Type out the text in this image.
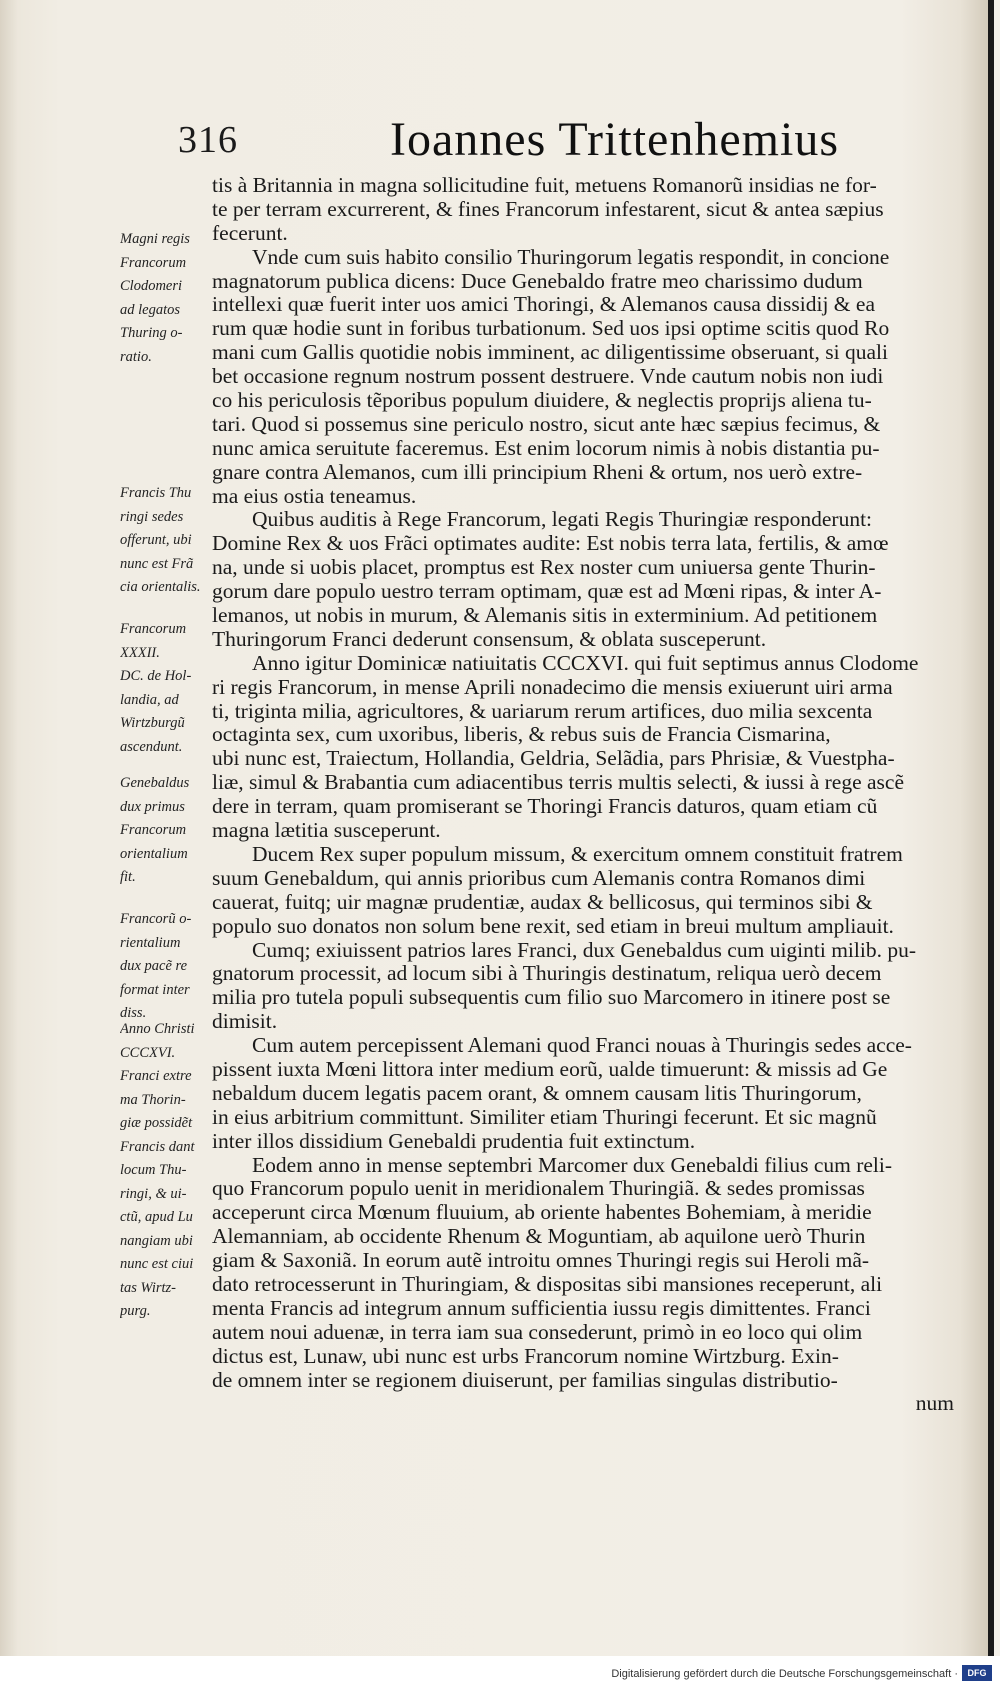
316	Ioannes Trittenhemius
tis à Britannia in magna sollicitudine fuit, metuens Romanorũ insidias ne for-
te per terram excurrerent, & fines Francorum infestarent, sicut & antea sæpius
fecerunt.
Vnde cum suis habito consilio Thuringorum legatis respondit, in concione
magnatorum publica dicens: Duce Genebaldo fratre meo charissimo dudum
intellexi quæ fuerit inter uos amici Thoringi, & Alemanos causa dissidij & ea
rum quæ hodie sunt in foribus turbationum. Sed uos ipsi optime scitis quod Ro
mani cum Gallis quotidie nobis imminent, ac diligentissime obseruant, si quali
bet occasione regnum nostrum possent destruere. Vnde cautum nobis non iudi
co his periculosis tẽporibus populum diuidere, & neglectis proprijs aliena tu-
tari. Quod si possemus sine periculo nostro, sicut ante hæc sæpius fecimus, &
nunc amica seruitute faceremus. Est enim locorum nimis à nobis distantia pu-
gnare contra Alemanos, cum illi principium Rheni & ortum, nos uerò extre-
ma eius ostia teneamus.
Quibus auditis à Rege Francorum, legati Regis Thuringiæ responderunt:
Domine Rex & uos Frãci optimates audite: Est nobis terra lata, fertilis, & amœ
na, unde si uobis placet, promptus est Rex noster cum uniuersa gente Thurin-
gorum dare populo uestro terram optimam, quæ est ad Mœni ripas, & inter A-
lemanos, ut nobis in murum, & Alemanis sitis in exterminium. Ad petitionem
Thuringorum Franci dederunt consensum, & oblata susceperunt.
Anno igitur Dominicæ natiuitatis CCCXVI. qui fuit septimus annus Clodome
ri regis Francorum, in mense Aprili nonadecimo die mensis exiuerunt uiri arma
ti, triginta milia, agricultores, & uariarum rerum artifices, duo milia sexcenta
octaginta sex, cum uxoribus, liberis, & rebus suis de Francia Cismarina,
ubi nunc est, Traiectum, Hollandia, Geldria, Selãdia, pars Phrisiæ, & Vuestpha-
liæ, simul & Brabantia cum adiacentibus terris multis selecti, & iussi à rege ascẽ
dere in terram, quam promiserant se Thoringi Francis daturos, quam etiam cũ
magna lætitia susceperunt.
Ducem Rex super populum missum, & exercitum omnem constituit fratrem
suum Genebaldum, qui annis prioribus cum Alemanis contra Romanos dimi
cauerat, fuitq; uir magnæ prudentiæ, audax & bellicosus, qui terminos sibi &
populo suo donatos non solum bene rexit, sed etiam in breui multum ampliauit.
Cumq; exiuissent patrios lares Franci, dux Genebaldus cum uiginti milib. pu-
gnatorum processit, ad locum sibi à Thuringis destinatum, reliqua uerò decem
milia pro tutela populi subsequentis cum filio suo Marcomero in itinere post se
dimisit.
Cum autem percepissent Alemani quod Franci nouas à Thuringis sedes acce-
pissent iuxta Mœni littora inter medium eorũ, ualde timuerunt: & missis ad Ge
nebaldum ducem legatis pacem orant, & omnem causam litis Thuringorum,
in eius arbitrium committunt. Similiter etiam Thuringi fecerunt. Et sic magnũ
inter illos dissidium Genebaldi prudentia fuit extinctum.
Eodem anno in mense septembri Marcomer dux Genebaldi filius cum reli-
quo Francorum populo uenit in meridionalem Thuringiã. & sedes promissas
acceperunt circa Mœnum fluuium, ab oriente habentes Bohemiam, à meridie
Alemanniam, ab occidente Rhenum & Moguntiam, ab aquilone uerò Thurin
giam & Saxoniã. In eorum autẽ introitu omnes Thuringi regis sui Heroli mã-
dato retrocesserunt in Thuringiam, & dispositas sibi mansiones receperunt, ali
menta Francis ad integrum annum sufficientia iussu regis dimittentes. Franci
autem noui aduenæ, in terra iam sua consederunt, primò in eo loco qui olim
dictus est, Lunaw, ubi nunc est urbs Francorum nomine Wirtzburg. Exin-
de omnem inter se regionem diuiserunt, per familias singulas distributio-
num
Magni regis
Francorum
Clodomeri
ad legatos
Thuring o-
ratio.
Francis Thu
ringi sedes
offerunt, ubi
nunc est Frã
cia orientalis.
Francorum
XXXII.
DC. de Hol-
landia, ad
Wirtzburgũ
ascendunt.
Genebaldus
dux primus
Francorum
orientalium
fit.
Francorũ o-
rientalium
dux pacẽ re
format inter
diss.
Anno Christi
CCCXVI.
Franci extre
ma Thorin-
giæ possidẽt
Francis dant
locum Thu-
ringi, & ui-
ctũ, apud Lu
nangiam ubi
nunc est ciui
tas Wirtz-
purg.
Digitalisierung gefördert durch die Deutsche Forschungsgemeinschaft ·	DFG
